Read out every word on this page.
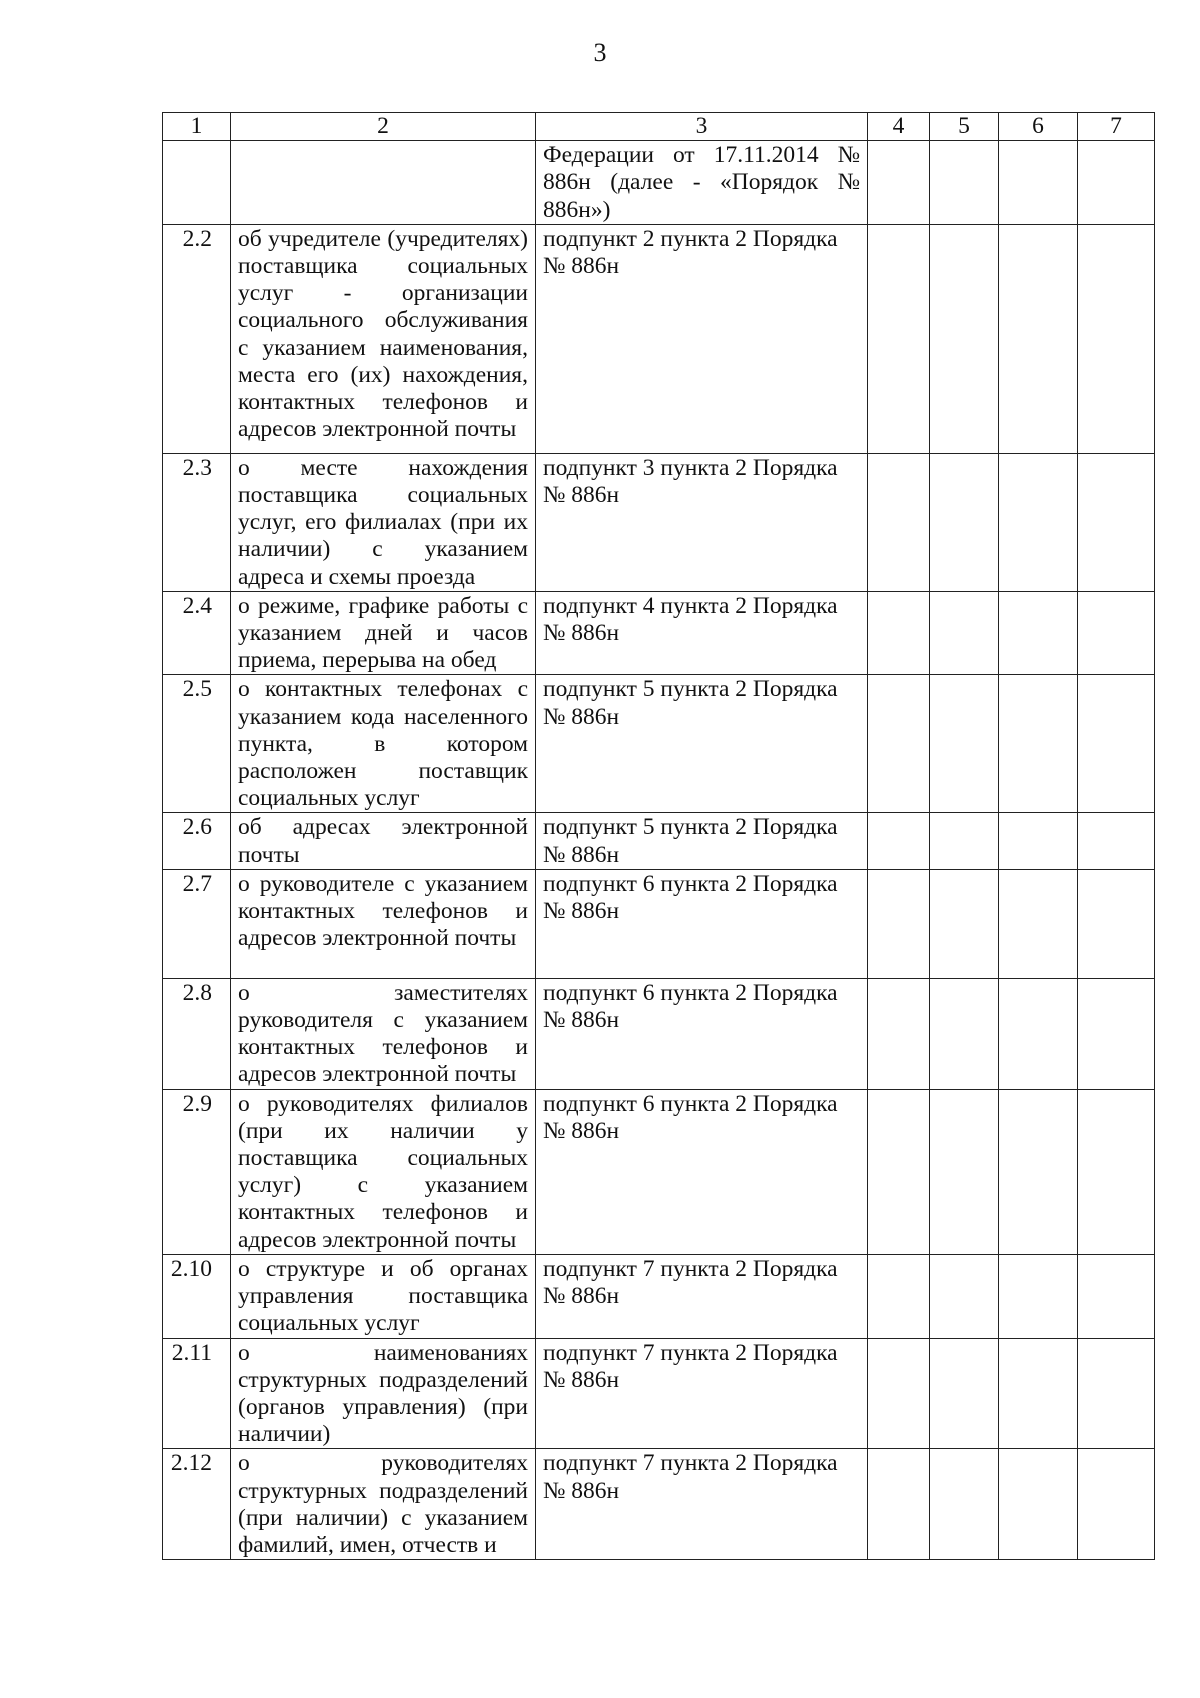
3
1	2	3	4	5	6	7
		Федерации от 17.11.2014 № 886н (далее - «Порядок № 886н»)				
2.2	об учредителе (учредителях) поставщика социальных услуг - организации социального обслуживания с указанием наименования, места его (их) нахождения, контактных телефонов и адресов электронной почты	подпункт 2 пункта 2 Порядка № 886н				
2.3	о месте нахождения поставщика социальных услуг, его филиалах (при их наличии) с указанием адреса и схемы проезда	подпункт 3 пункта 2 Порядка № 886н				
2.4	о режиме, графике работы с указанием дней и часов приема, перерыва на обед	подпункт 4 пункта 2 Порядка № 886н				
2.5	о контактных телефонах с указанием кода населенного пункта, в котором расположен поставщик социальных услуг	подпункт 5 пункта 2 Порядка № 886н				
2.6	об адресах электронной почты	подпункт 5 пункта 2 Порядка № 886н				
2.7	о руководителе с указанием контактных телефонов и адресов электронной почты	подпункт 6 пункта 2 Порядка № 886н				
2.8	о заместителях руководителя с указанием контактных телефонов и адресов электронной почты	подпункт 6 пункта 2 Порядка № 886н				
2.9	о руководителях филиалов (при их наличии у поставщика социальных услуг) с указанием контактных телефонов и адресов электронной почты	подпункт 6 пункта 2 Порядка № 886н				
2.10	о структуре и об органах управления поставщика социальных услуг	подпункт 7 пункта 2 Порядка № 886н				
2.11	о наименованиях структурных подразделений (органов управления) (при наличии)	подпункт 7 пункта 2 Порядка № 886н				
2.12	о руководителях структурных подразделений (при наличии) с указанием фамилий, имен, отчеств и	подпункт 7 пункта 2 Порядка № 886н				
